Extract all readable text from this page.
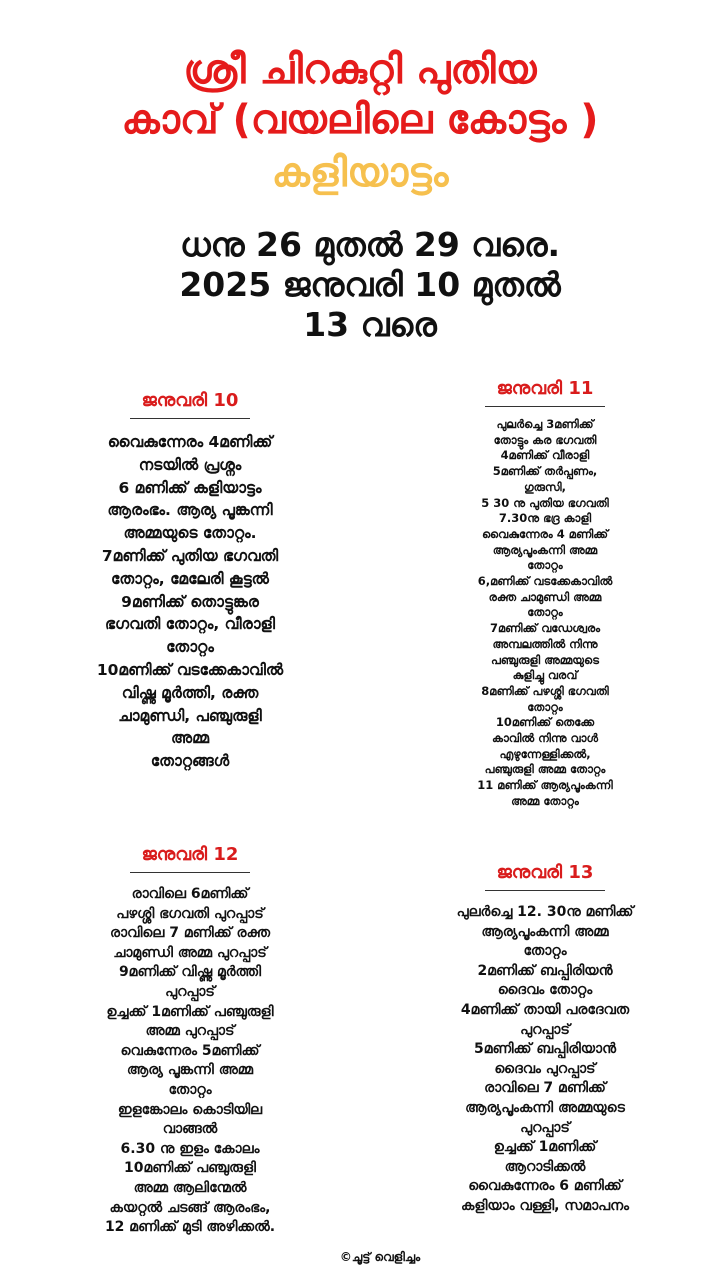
ശ്രീ ചിറകുറ്റി പുതിയ
കാവ് (വയലിലെ കോട്ടം )
കളിയാട്ടം
ധനു 26 മുതൽ 29 വരെ.
2025 ജനുവരി 10 മുതൽ
13 വരെ
ജനുവരി 10
വൈകുന്നേരം 4മണിക്ക്
നടയിൽ പ്രശ്നം
6 മണിക്ക് കളിയാട്ടം
ആരംഭം. ആര്യ പൂങ്കന്നി
അമ്മയുടെ തോറ്റം.
7മണിക്ക് പുതിയ ഭഗവതി
തോറ്റം, മേലേരി കൂട്ടൽ
9മണിക്ക് തൊട്ടുങ്കര
ഭഗവതി തോറ്റം, വീരാളി
തോറ്റം
10മണിക്ക് വടക്കേകാവിൽ
വിഷ്ണു മൂർത്തി, രക്ത
ചാമുണ്ഡി, പഞ്ചുരുളി
അമ്മ
തോറ്റങ്ങൾ
ജനുവരി 11
പുലർച്ചെ 3മണിക്ക്
തോട്ടും കര ഭഗവതി
4മണിക്ക് വീരാളി
5മണിക്ക് തർപ്പണം,
ഗുരുസി,
5 30 നു പുതിയ ഭഗവതി
7.30നു ഭദ്ര കാളി
വൈകുന്നേരം 4 മണിക്ക്
ആര്യപൂംകന്നി അമ്മ
തോറ്റം
6,മണിക്ക് വടക്കേകാവിൽ
രക്ത ചാമുണ്ഡി അമ്മ
തോറ്റം
7മണിക്ക് വഡേശ്വരം
അമ്പലത്തിൽ നിന്നു
പഞ്ചുരുളി അമ്മയുടെ
കുളിച്ചു വരവ്
8മണിക്ക് പഴശ്ശി ഭഗവതി
തോറ്റം
10മണിക്ക് തെക്കേ
കാവിൽ നിന്നു വാൾ
എഴുന്നേള്ളിക്കൽ,
പഞ്ചുരുളി അമ്മ തോറ്റം
11 മണിക്ക് ആര്യപൂംകന്നി
അമ്മ തോറ്റം
ജനുവരി 12
രാവിലെ 6മണിക്ക്
പഴശ്ശി ഭഗവതി പുറപ്പാട്
രാവിലെ 7 മണിക്ക് രക്ത
ചാമുണ്ഡി അമ്മ പുറപ്പാട്
9മണിക്ക് വിഷ്ണു മൂർത്തി
പുറപ്പാട്
ഉച്ചക്ക് 1മണിക്ക് പഞ്ചുരുളി
അമ്മ പുറപ്പാട്
വെകുന്നേരം 5മണിക്ക്
ആര്യ പൂങ്കന്നി അമ്മ
തോറ്റം
ഇളങ്കോലം കൊടിയില
വാങ്ങൽ
6.30 നു ഇളം കോലം
10മണിക്ക് പഞ്ചുരുളി
അമ്മ ആലിന്മേൽ
കയറ്റൽ ചടങ്ങ് ആരംഭം,
12 മണിക്ക് മുടി അഴിക്കൽ.
ജനുവരി 13
പുലർച്ചെ 12. 30നു മണിക്ക്
ആര്യപൂംകന്നി അമ്മ
തോറ്റം
2മണിക്ക് ബപ്പിരിയൻ
ദൈവം തോറ്റം
4മണിക്ക് തായി പരദേവത
പുറപ്പാട്
5മണിക്ക് ബപ്പിരിയാൻ
ദൈവം പുറപ്പാട്
രാവിലെ 7 മണിക്ക്
ആര്യപൂംകന്നി അമ്മയുടെ
പുറപ്പാട്
ഉച്ചക്ക് 1മണിക്ക്
ആറാടിക്കൽ
വൈകുന്നേരം 6 മണിക്ക്
കളിയാം വള്ളി, സമാപനം
©ചൂട്ട് വെളിച്ചം
